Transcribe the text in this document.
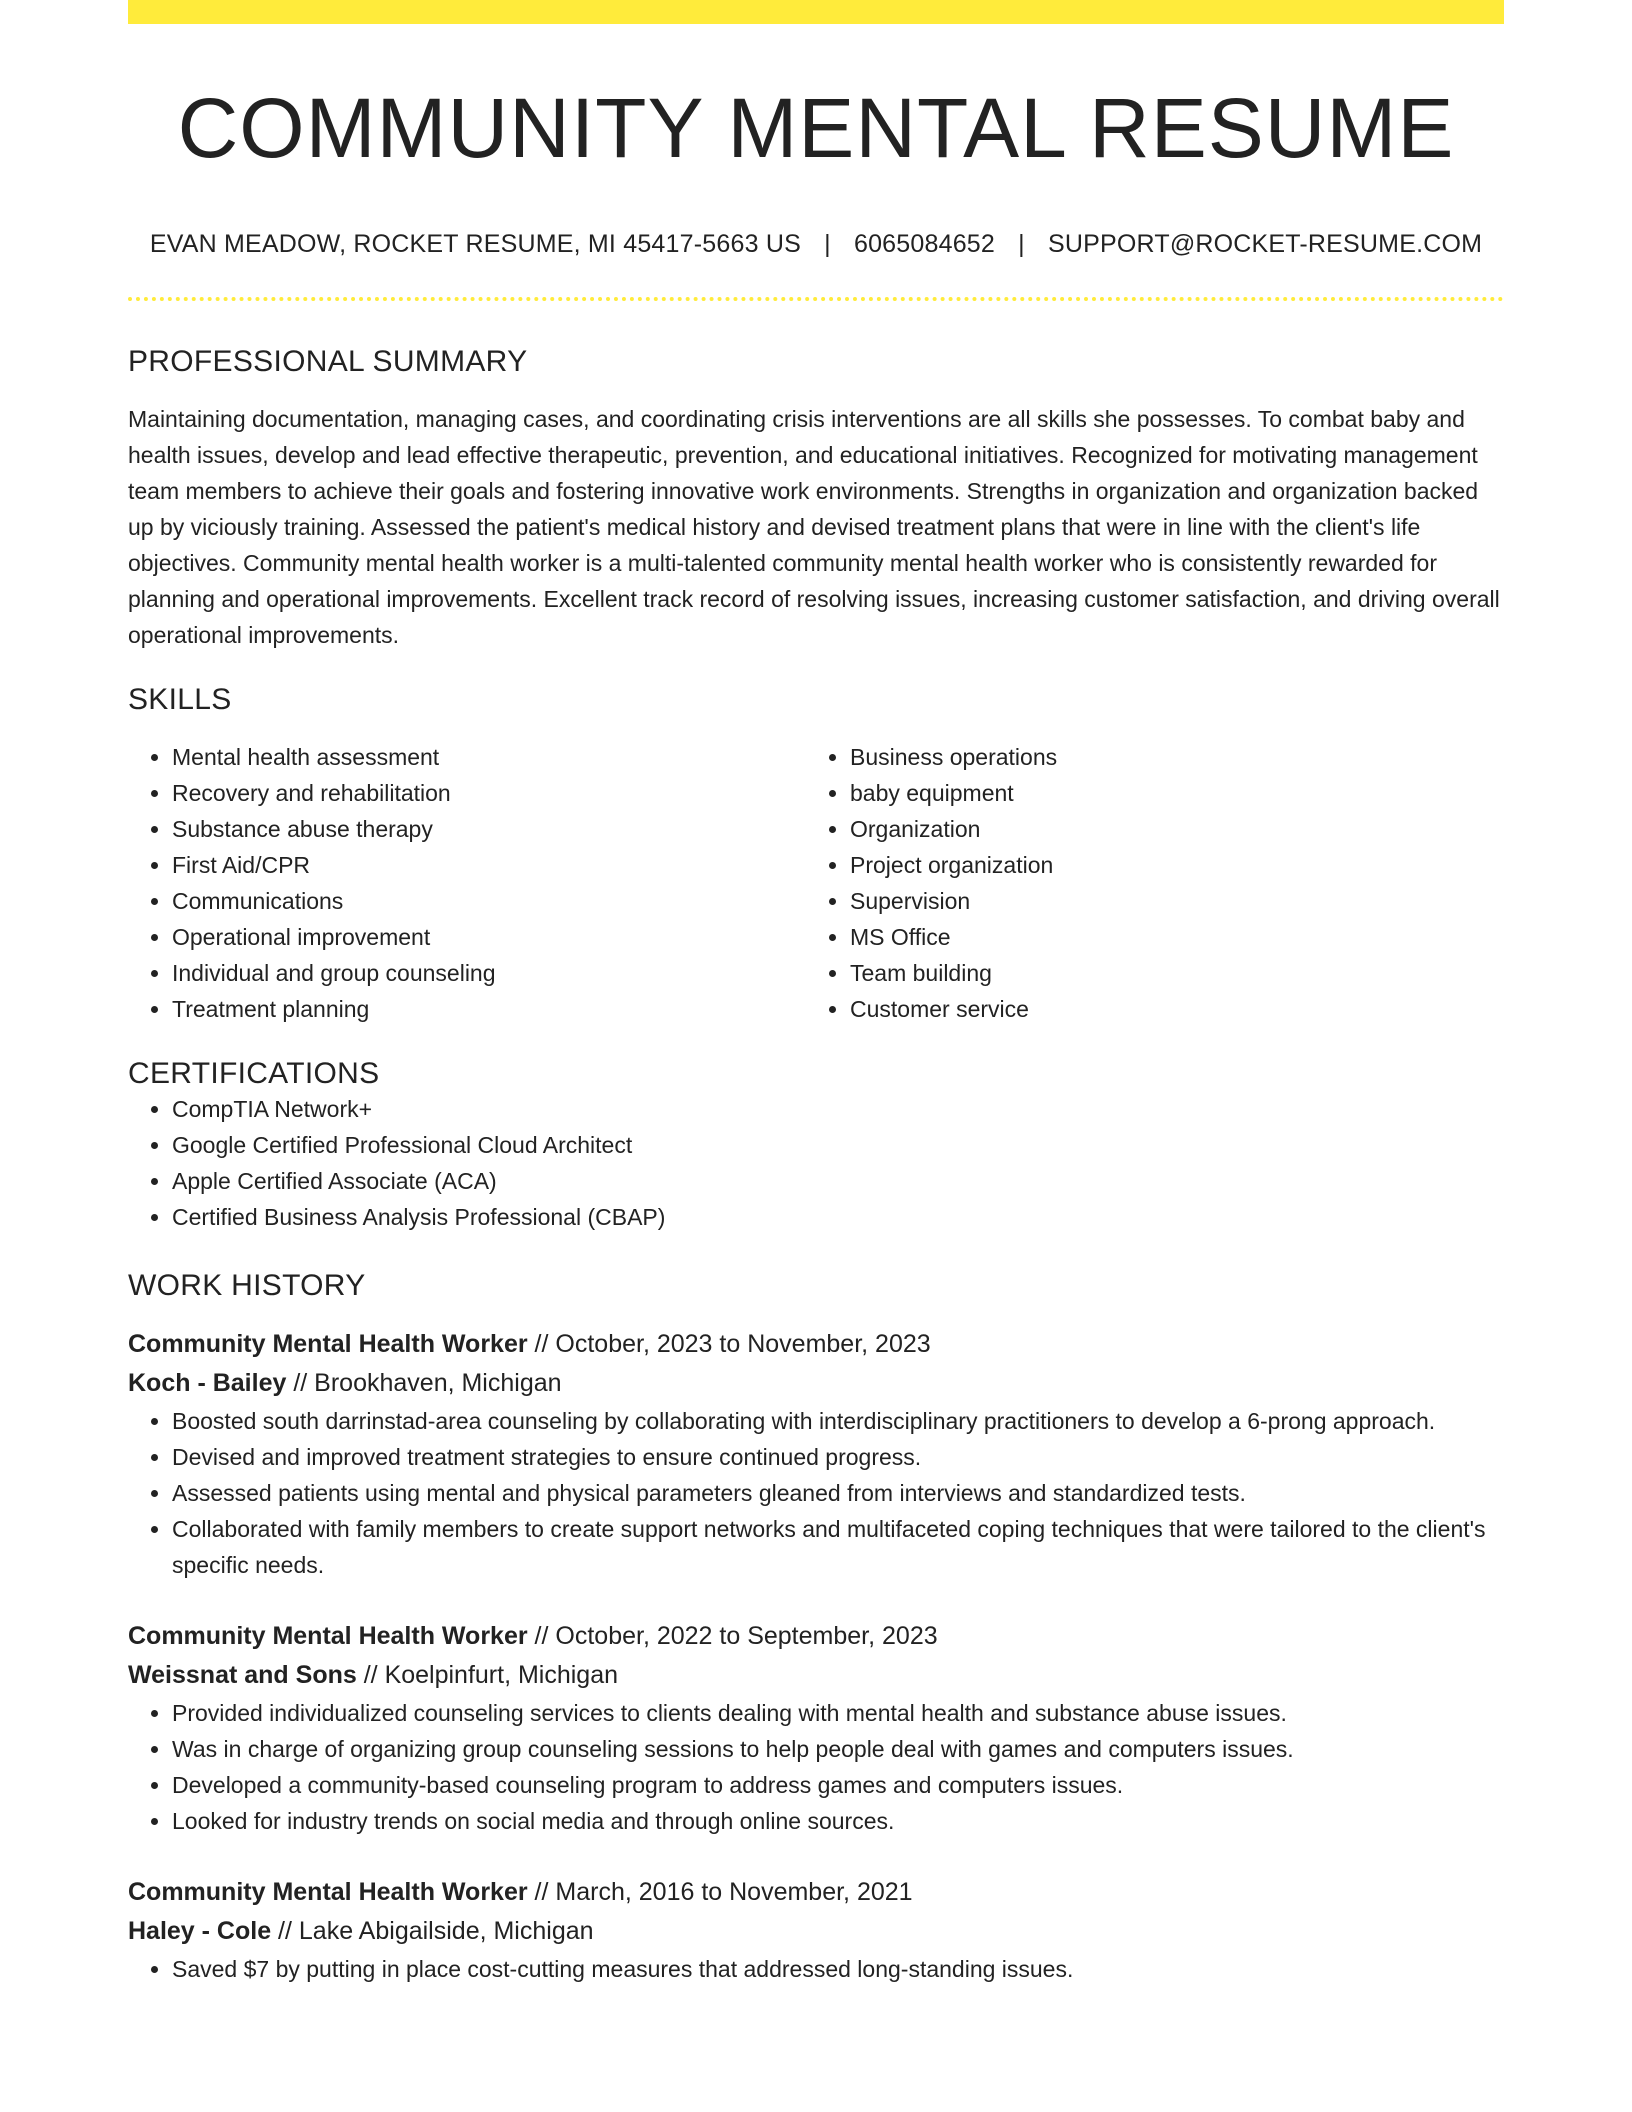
COMMUNITY MENTAL RESUME
EVAN MEADOW, ROCKET RESUME, MI 45417-5663 US | 6065084652 | SUPPORT@ROCKET-RESUME.COM
PROFESSIONAL SUMMARY
Maintaining documentation, managing cases, and coordinating crisis interventions are all skills she possesses. To combat baby and health issues, develop and lead effective therapeutic, prevention, and educational initiatives. Recognized for motivating management team members to achieve their goals and fostering innovative work environments. Strengths in organization and organization backed up by viciously training. Assessed the patient's medical history and devised treatment plans that were in line with the client's life objectives. Community mental health worker is a multi-talented community mental health worker who is consistently rewarded for planning and operational improvements. Excellent track record of resolving issues, increasing customer satisfaction, and driving overall operational improvements.
SKILLS
• Mental health assessment
• Recovery and rehabilitation
• Substance abuse therapy
• First Aid/CPR
• Communications
• Operational improvement
• Individual and group counseling
• Treatment planning
• Business operations
• baby equipment
• Organization
• Project organization
• Supervision
• MS Office
• Team building
• Customer service
CERTIFICATIONS
• CompTIA Network+
• Google Certified Professional Cloud Architect
• Apple Certified Associate (ACA)
• Certified Business Analysis Professional (CBAP)
WORK HISTORY
Community Mental Health Worker // October, 2023 to November, 2023
Koch - Bailey // Brookhaven, Michigan
• Boosted south darrinstad-area counseling by collaborating with interdisciplinary practitioners to develop a 6-prong approach.
• Devised and improved treatment strategies to ensure continued progress.
• Assessed patients using mental and physical parameters gleaned from interviews and standardized tests.
• Collaborated with family members to create support networks and multifaceted coping techniques that were tailored to the client's specific needs.
Community Mental Health Worker // October, 2022 to September, 2023
Weissnat and Sons // Koelpinfurt, Michigan
• Provided individualized counseling services to clients dealing with mental health and substance abuse issues.
• Was in charge of organizing group counseling sessions to help people deal with games and computers issues.
• Developed a community-based counseling program to address games and computers issues.
• Looked for industry trends on social media and through online sources.
Community Mental Health Worker // March, 2016 to November, 2021
Haley - Cole // Lake Abigailside, Michigan
• Saved $7 by putting in place cost-cutting measures that addressed long-standing issues.
